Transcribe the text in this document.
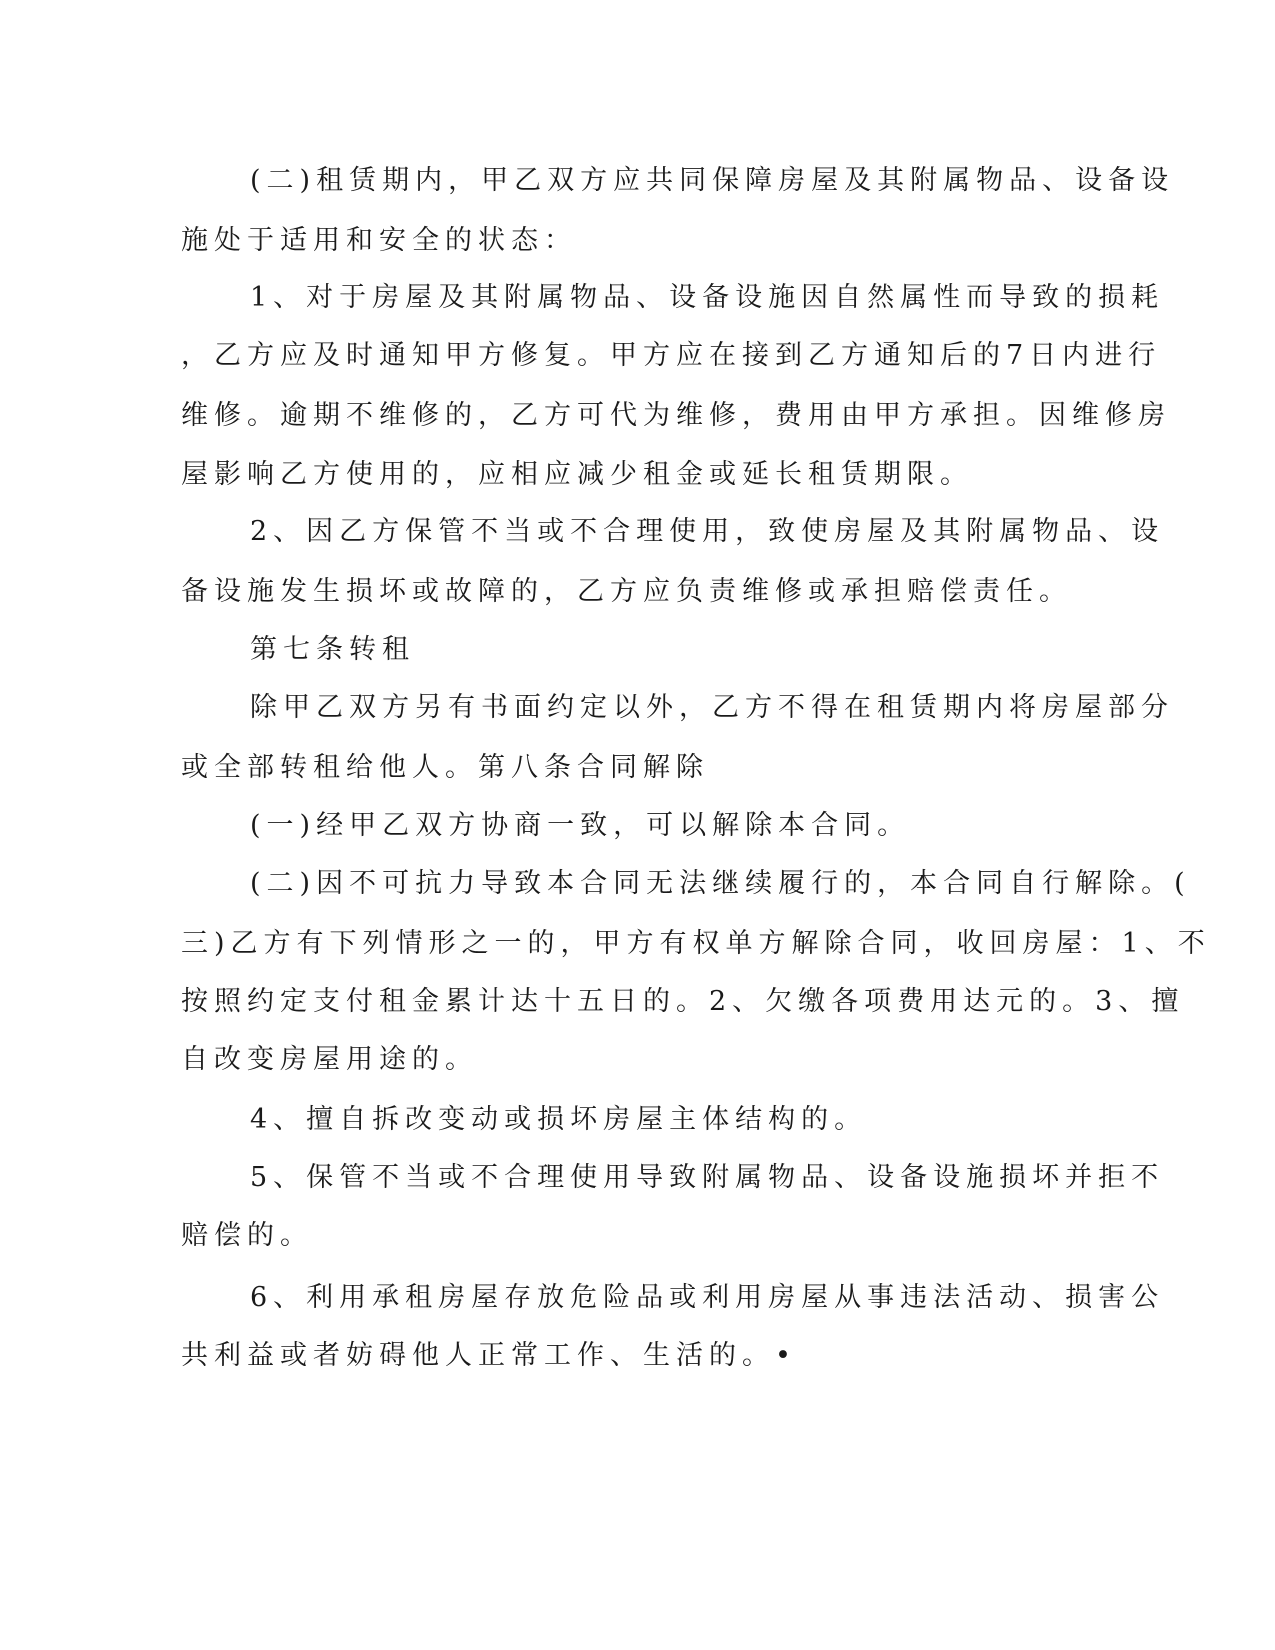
(二)租赁期内，甲乙双方应共同保障房屋及其附属物品、设备设

施处于适用和安全的状态：

1、对于房屋及其附属物品、设备设施因自然属性而导致的损耗

，乙方应及时通知甲方修复。甲方应在接到乙方通知后的7日内进行

维修。逾期不维修的，乙方可代为维修，费用由甲方承担。因维修房

屋影响乙方使用的，应相应减少租金或延长租赁期限。

2、因乙方保管不当或不合理使用，致使房屋及其附属物品、设

备设施发生损坏或故障的，乙方应负责维修或承担赔偿责任。

第七条转租

除甲乙双方另有书面约定以外，乙方不得在租赁期内将房屋部分

或全部转租给他人。第八条合同解除

(一)经甲乙双方协商一致，可以解除本合同。

(二)因不可抗力导致本合同无法继续履行的，本合同自行解除。(

三)乙方有下列情形之一的，甲方有权单方解除合同，收回房屋：1、不

按照约定支付租金累计达十五日的。2、欠缴各项费用达元的。3、擅

自改变房屋用途的。

4、擅自拆改变动或损坏房屋主体结构的。

5、保管不当或不合理使用导致附属物品、设备设施损坏并拒不

赔偿的。

6、利用承租房屋存放危险品或利用房屋从事违法活动、损害公

共利益或者妨碍他人正常工作、生活的。•
